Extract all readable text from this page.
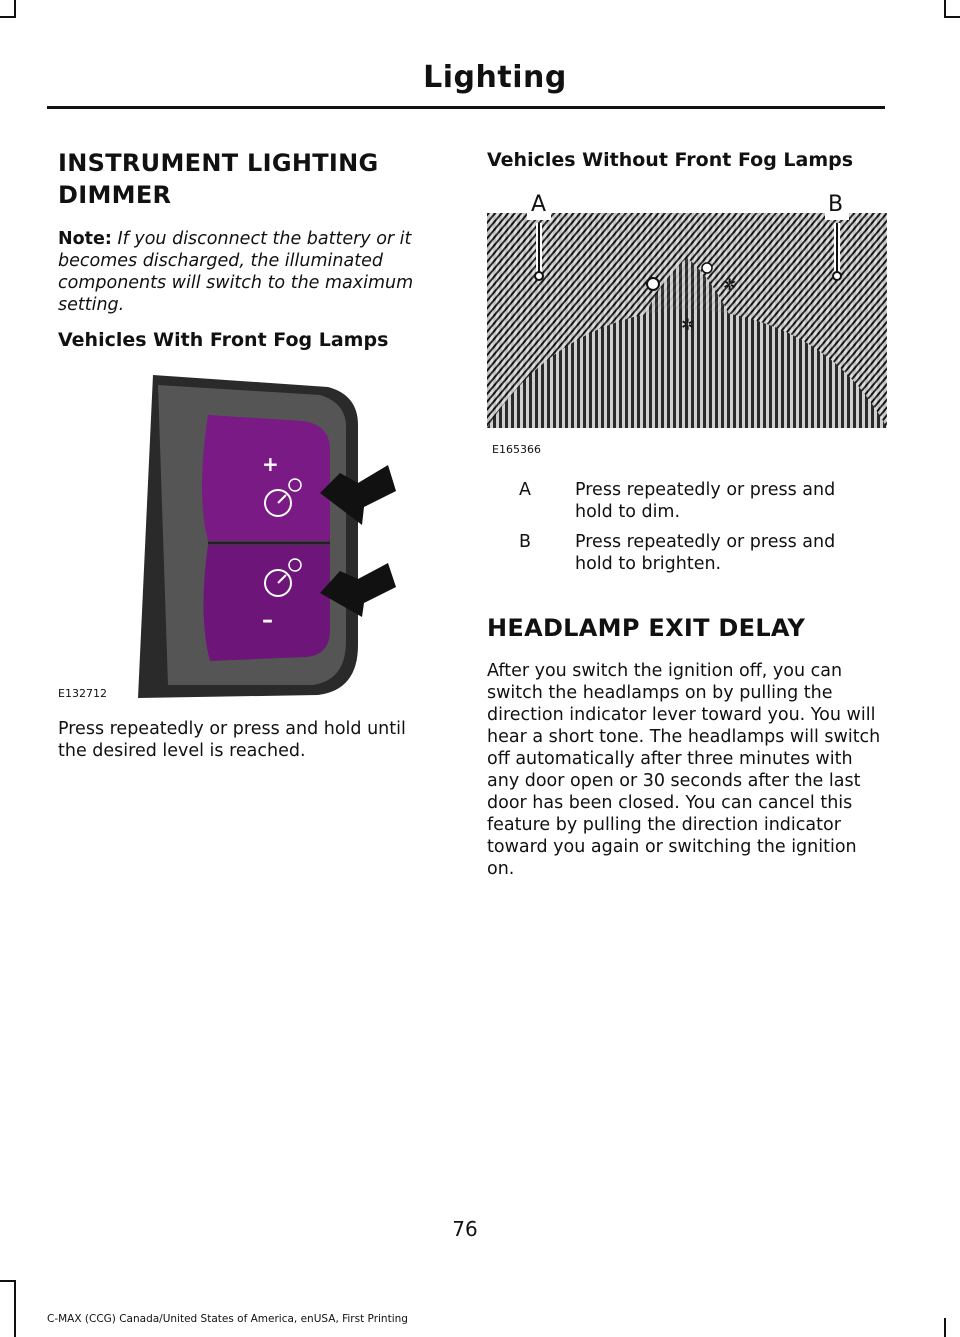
Lighting
INSTRUMENT LIGHTING
DIMMER
Note: If you disconnect the battery or it becomes discharged, the illuminated components will switch to the maximum setting.
Vehicles With Front Fog Lamps
+
–
E132712
Press repeatedly or press and hold until the desired level is reached.
Vehicles Without Front Fog Lamps
✲
✲
A	B
E165366
A	Press repeatedly or press and hold to dim.
B	Press repeatedly or press and hold to brighten.
HEADLAMP EXIT DELAY
After you switch the ignition off, you can switch the headlamps on by pulling the direction indicator lever toward you. You will hear a short tone. The headlamps will switch off automatically after three minutes with any door open or 30 seconds after the last door has been closed. You can cancel this feature by pulling the direction indicator toward you again or switching the ignition on.
76
C-MAX (CCG) Canada/United States of America, enUSA, First Printing
